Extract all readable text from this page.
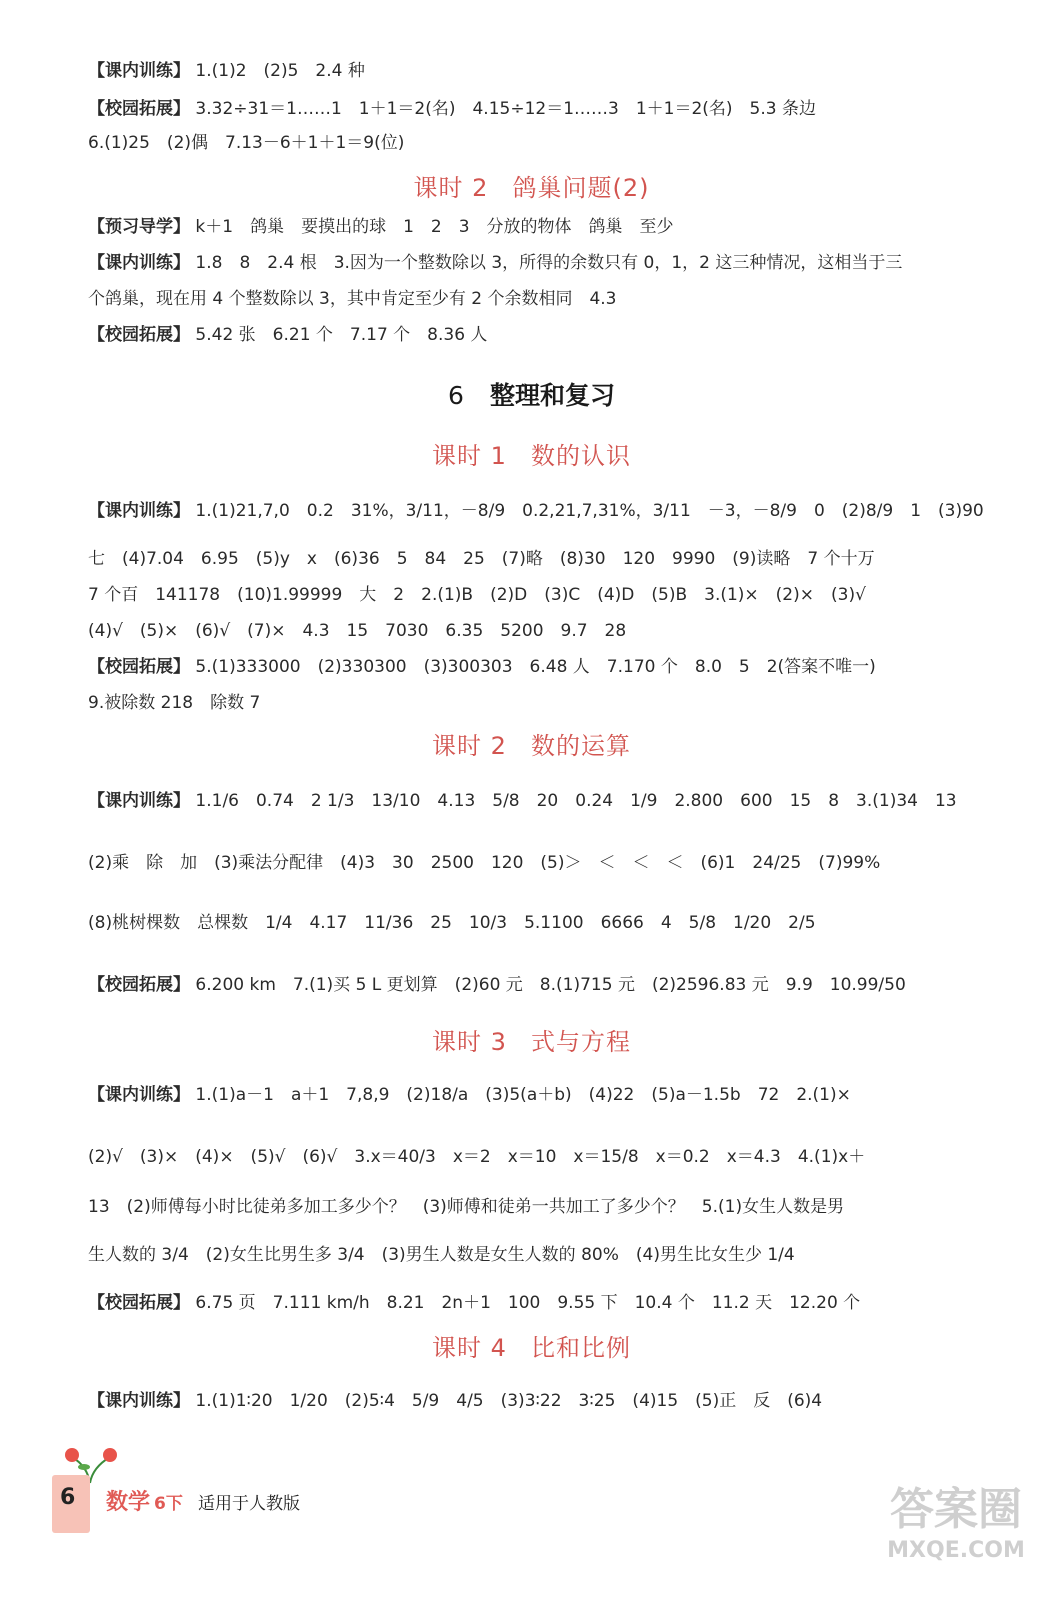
【课内训练】 1.(1)2　(2)5　2.4 种
【校园拓展】 3.32÷31＝1……1　1＋1＝2(名)　4.15÷12＝1……3　1＋1＝2(名)　5.3 条边
6.(1)25　(2)偶　7.13－6＋1＋1＝9(位)
课时 2 鸽巢问题(2)
【预习导学】 k＋1　鸽巢　要摸出的球　1　2　3　分放的物体　鸽巢　至少
【课内训练】 1.8　8　2.4 根　3.因为一个整数除以 3，所得的余数只有 0，1，2 这三种情况，这相当于三
个鸽巢，现在用 4 个整数除以 3，其中肯定至少有 2 个余数相同　4.3
【校园拓展】 5.42 张　6.21 个　7.17 个　8.36 人
6 整理和复习
课时 1 数的认识
【课内训练】 1.(1)21,7,0　0.2　31%，3/11，－8/9　0.2,21,7,31%，3/11　－3，－8/9　0　(2)8/9　1　(3)90
七　(4)7.04　6.95　(5)y　x　(6)36　5　84　25　(7)略　(8)30　120　9990　(9)读略　7 个十万
7 个百　141178　(10)1.99999　大　2　2.(1)B　(2)D　(3)C　(4)D　(5)B　3.(1)×　(2)×　(3)√
(4)√　(5)×　(6)√　(7)×　4.3　15　7030　6.35　5200　9.7　28
【校园拓展】 5.(1)333000　(2)330300　(3)300303　6.48 人　7.170 个　8.0　5　2(答案不唯一)
9.被除数 218　除数 7
课时 2 数的运算
【课内训练】 1.1/6　0.74　2 1/3　13/10　4.13　5/8　20　0.24　1/9　2.800　600　15　8　3.(1)34　13
(2)乘　除　加　(3)乘法分配律　(4)3　30　2500　120　(5)＞　＜　＜　＜　(6)1　24/25　(7)99%
(8)桃树棵数　总棵数　1/4　4.17　11/36　25　10/3　5.1100　6666　4　5/8　1/20　2/5
【校园拓展】 6.200 km　7.(1)买 5 L 更划算　(2)60 元　8.(1)715 元　(2)2596.83 元　9.9　10.99/50
课时 3 式与方程
【课内训练】 1.(1)a－1　a＋1　7,8,9　(2)18/a　(3)5(a＋b)　(4)22　(5)a－1.5b　72　2.(1)×
(2)√　(3)×　(4)×　(5)√　(6)√　3.x＝40/3　x＝2　x＝10　x＝15/8　x＝0.2　x＝4.3　4.(1)x＋
13　(2)师傅每小时比徒弟多加工多少个？　(3)师傅和徒弟一共加工了多少个？　5.(1)女生人数是男
生人数的 3/4　(2)女生比男生多 3/4　(3)男生人数是女生人数的 80%　(4)男生比女生少 1/4
【校园拓展】 6.75 页　7.111 km/h　8.21　2n＋1　100　9.55 下　10.4 个　11.2 天　12.20 个
课时 4 比和比例
【课内训练】 1.(1)1∶20　1/20　(2)5∶4　5/9　4/5　(3)3∶22　3∶25　(4)15　(5)正　反　(6)4
6 数学 6下 适用于人教版	答案圈
MXQE.COM
